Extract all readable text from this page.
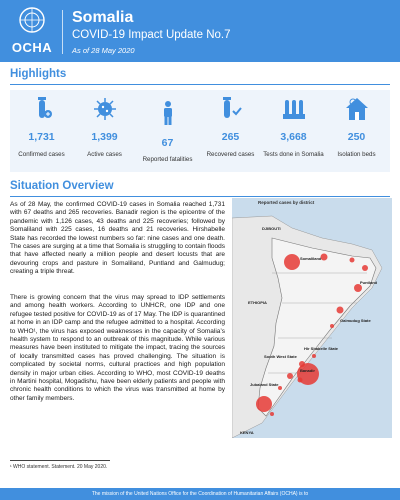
OCHA
Somalia
COVID-19 Impact Update No.7
As of 28 May 2020
Highlights
1,731
Confirmed cases
1,399
Active cases
67
Reported fatalities
265
Recovered cases
3,668
Tests done in Somalia
250
Isolation beds
Situation Overview
As of 28 May, the confirmed COVID-19 cases in Somalia reached 1,731 with 67 deaths and 265 recoveries. Banadir region is the epicentre of the pandemic with 1,126 cases, 43 deaths and 225 recoveries; followed by Somaliland with 225 cases, 16 deaths and 21 recoveries. Hirshabelle State has recorded the lowest numbers so far: nine cases and one death. The cases are surging at a time that Somalia is struggling to contain floods that have affected nearly a million people and desert locusts that are devouring crops and pasture in Somaliland, Puntland and Galmudug; creating a triple threat.
There is growing concern that the virus may spread to IDP settlements and among health workers. According to UNHCR, one IDP and one refugee tested positive for COVID-19 as of 17 May. The IDP is quarantined at home in an IDP camp and the refugee admitted to a hospital. According to WHO¹, the virus has exposed weaknesses in the capacity of Somalia’s health system to respond to an outbreak of this magnitude. While various measures have been instituted to mitigate the impact, tracing the sources of locally transmitted cases has proved challenging. The situation is complicated by societal norms, cultural practices and high population density in major urban cities. According to WHO, most COVID-19 deaths in Martini hospital, Mogadishu, have been elderly patients and people with chronic health conditions to which the virus was transmitted at home by other family members.
Reported cases by district
DJIBOUTI
Somaliland
Puntland
ETHIOPIA
Galmudug State
Hir Shabelle State
South West State
Banadir
Jubaland State
KENYA
¹ WHO statement. Statement. 20 May 2020.
The mission of the United Nations Office for the Coordination of Humanitarian Affairs (OCHA) is to
